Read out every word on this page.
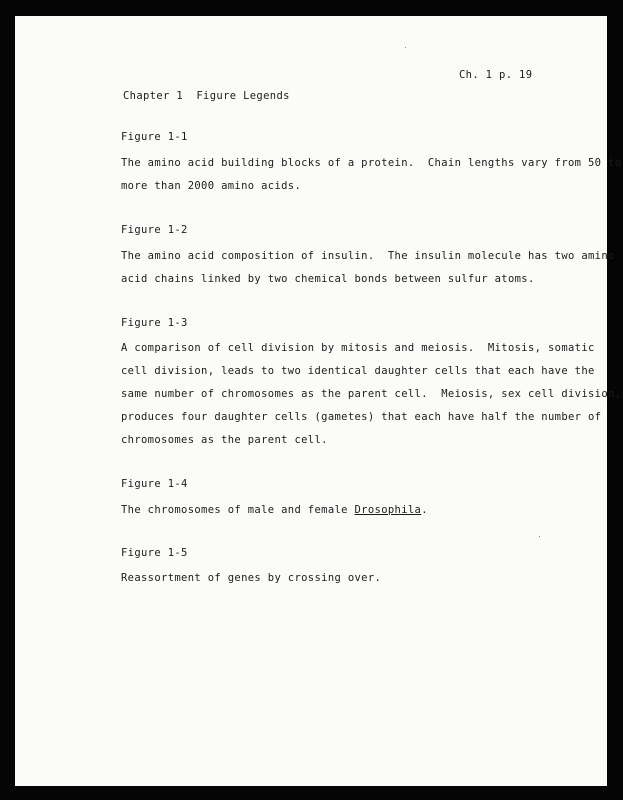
Ch. 1 p. 19
Chapter 1  Figure Legends
Figure 1-1
The amino acid building blocks of a protein.  Chain lengths vary from 50 to
more than 2000 amino acids.
Figure 1-2
The amino acid composition of insulin.  The insulin molecule has two amino
acid chains linked by two chemical bonds between sulfur atoms.
Figure 1-3
A comparison of cell division by mitosis and meiosis.  Mitosis, somatic
cell division, leads to two identical daughter cells that each have the
same number of chromosomes as the parent cell.  Meiosis, sex cell division,
produces four daughter cells (gametes) that each have half the number of
chromosomes as the parent cell.
Figure 1-4
The chromosomes of male and female Drosophila.
Figure 1-5
Reassortment of genes by crossing over.
